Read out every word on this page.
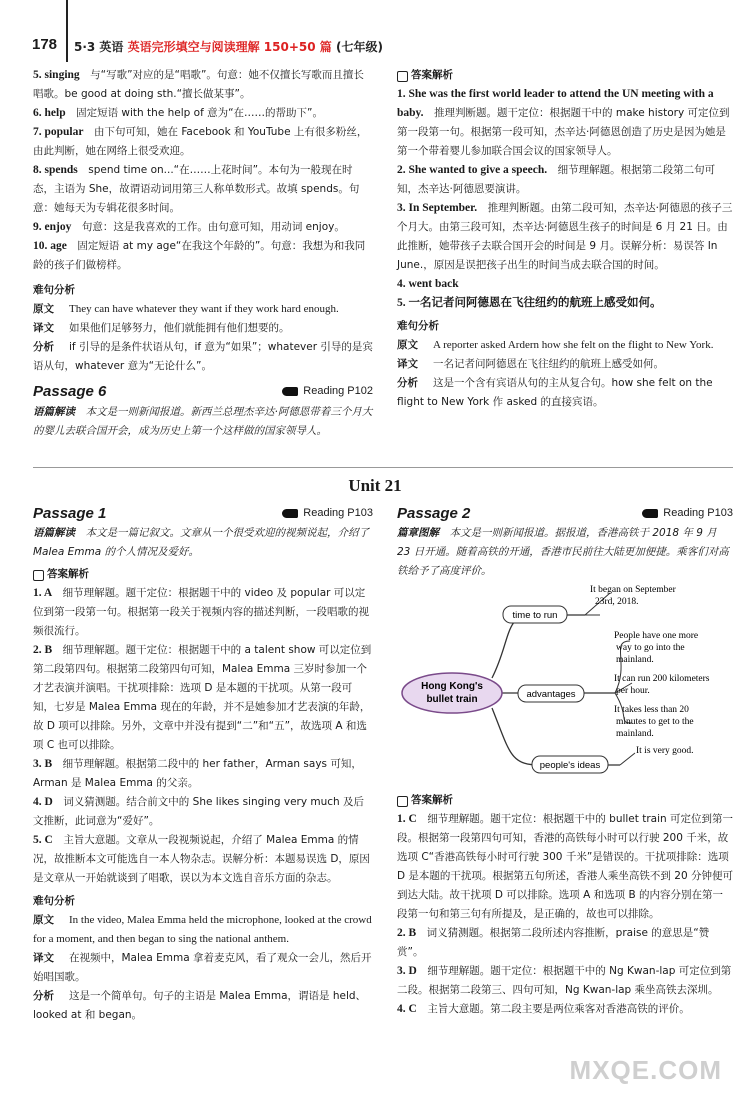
178 5·3 英语 英语完形填空与阅读理解 150+50 篇 (七年级)
5. singing　 与“写歌”对应的是“唱歌”。句意：她不仅擅长写歌而且擅长唱歌。be good at doing sth.“擅长做某事”。
6. help　 固定短语 with the help of 意为“在……的帮助下”。
7. popular　 由下句可知，她在 Facebook 和 YouTube 上有很多粉丝，由此判断，她在网络上很受欢迎。
8. spends　 spend time on...“在……上花时间”。本句为一般现在时态，主语为 She，故谓语动词用第三人称单数形式。故填 spends。句意：她每天为专辑花很多时间。
9. enjoy　 句意：这是我喜欢的工作。由句意可知，用动词 enjoy。
10. age　 固定短语 at my age“在我这个年龄的”。句意：我想为和我同龄的孩子们做榜样。
难句分析
原文 They can have whatever they want if they work hard enough.
译文 如果他们足够努力，他们就能拥有他们想要的。
分析 if 引导的是条件状语从句，if 意为“如果”；whatever 引导的是宾语从句，whatever 意为“无论什么”。
Passage 6	Reading P102
语篇解读　 本文是一则新闻报道。新西兰总理杰辛达·阿德恩带着三个月大的婴儿去联合国开会，成为历史上第一个这样做的国家领导人。
答案解析
1. She was the first world leader to attend the UN meeting with a baby.　 推理判断题。题干定位：根据题干中的 make history 可定位到第一段第一句。根据第一段可知，杰辛达·阿德恩创造了历史是因为她是第一个带着婴儿参加联合国会议的国家领导人。
2. She wanted to give a speech.　 细节理解题。根据第二段第二句可知，杰辛达·阿德恩要演讲。
3. In September.　 推理判断题。由第二段可知，杰辛达·阿德恩的孩子三个月大。由第三段可知，杰辛达·阿德恩生孩子的时间是 6 月 21 日。由此推断，她带孩子去联合国开会的时间是 9 月。误解分析：易误答 In June.，原因是误把孩子出生的时间当成去联合国的时间。
4. went back
5. 一名记者问阿德恩在飞往纽约的航班上感受如何。
难句分析
原文 A reporter asked Ardern how she felt on the flight to New York.
译文 一名记者问阿德恩在飞往纽约的航班上感受如何。
分析 这是一个含有宾语从句的主从复合句。how she felt on the flight to New York 作 asked 的直接宾语。
Unit 21
Passage 1	Reading P103
语篇解读　 本文是一篇记叙文。文章从一个很受欢迎的视频说起，介绍了 Malea Emma 的个人情况及爱好。
答案解析
1. A　 细节理解题。题干定位：根据题干中的 video 及 popular 可以定位到第一段第一句。根据第一段关于视频内容的描述判断，一段唱歌的视频很流行。
2. B　 细节理解题。题干定位：根据题干中的 a talent show 可以定位到第二段第四句。根据第二段第四句可知，Malea Emma 三岁时参加一个才艺表演并演唱。干扰项排除：选项 D 是本题的干扰项。从第一段可知，七岁是 Malea Emma 现在的年龄，并不是她参加才艺表演的年龄，故 D 项可以排除。另外，文章中并没有提到“二”和“五”，故选项 A 和选项 C 也可以排除。
3. B　 细节理解题。根据第二段中的 her father，Arman says 可知，Arman 是 Malea Emma 的父亲。
4. D　 词义猜测题。结合前文中的 She likes singing very much 及后文推断，此词意为“爱好”。
5. C　 主旨大意题。文章从一段视频说起，介绍了 Malea Emma 的情况，故推断本文可能选自一本人物杂志。误解分析：本题易误选 D，原因是文章从一开始就谈到了唱歌，误以为本文选自音乐方面的杂志。
难句分析
原文 In the video, Malea Emma held the microphone, looked at the crowd for a moment, and then began to sing the national anthem.
译文 在视频中，Malea Emma 拿着麦克风，看了观众一会儿，然后开始唱国歌。
分析 这是一个简单句。句子的主语是 Malea Emma，谓语是 held、looked at 和 began。
Passage 2	Reading P103
篇章图解　 本文是一则新闻报道。据报道，香港高铁于 2018 年 9 月 23 日开通。随着高铁的开通，香港市民前往大陆更加便捷。乘客们对高铁给予了高度评价。
Hong Kong's
bullet train
time to run
advantages
people's ideas
It began on September
23rd, 2018.
People have one more
way to go into the
mainland.
It can run 200 kilometers
per hour.
It takes less than 20
minutes to get to the
mainland.
It is very good.
答案解析
1. C　 细节理解题。题干定位：根据题干中的 bullet train 可定位到第一段。根据第一段第四句可知，香港的高铁每小时可以行驶 200 千米，故选项 C“香港高铁每小时可行驶 300 千米”是错误的。干扰项排除：选项 D 是本题的干扰项。根据第五句所述，香港人乘坐高铁不到 20 分钟便可到达大陆。故干扰项 D 可以排除。选项 A 和选项 B 的内容分别在第一段第一句和第三句有所提及，是正确的，故也可以排除。
2. B　 词义猜测题。根据第二段所述内容推断，praise 的意思是“赞赏”。
3. D　 细节理解题。题干定位：根据题干中的 Ng Kwan-lap 可定位到第二段。根据第二段第三、四句可知，Ng Kwan-lap 乘坐高铁去深圳。
4. C　 主旨大意题。第二段主要是两位乘客对香港高铁的评价。
MXQE.COM
